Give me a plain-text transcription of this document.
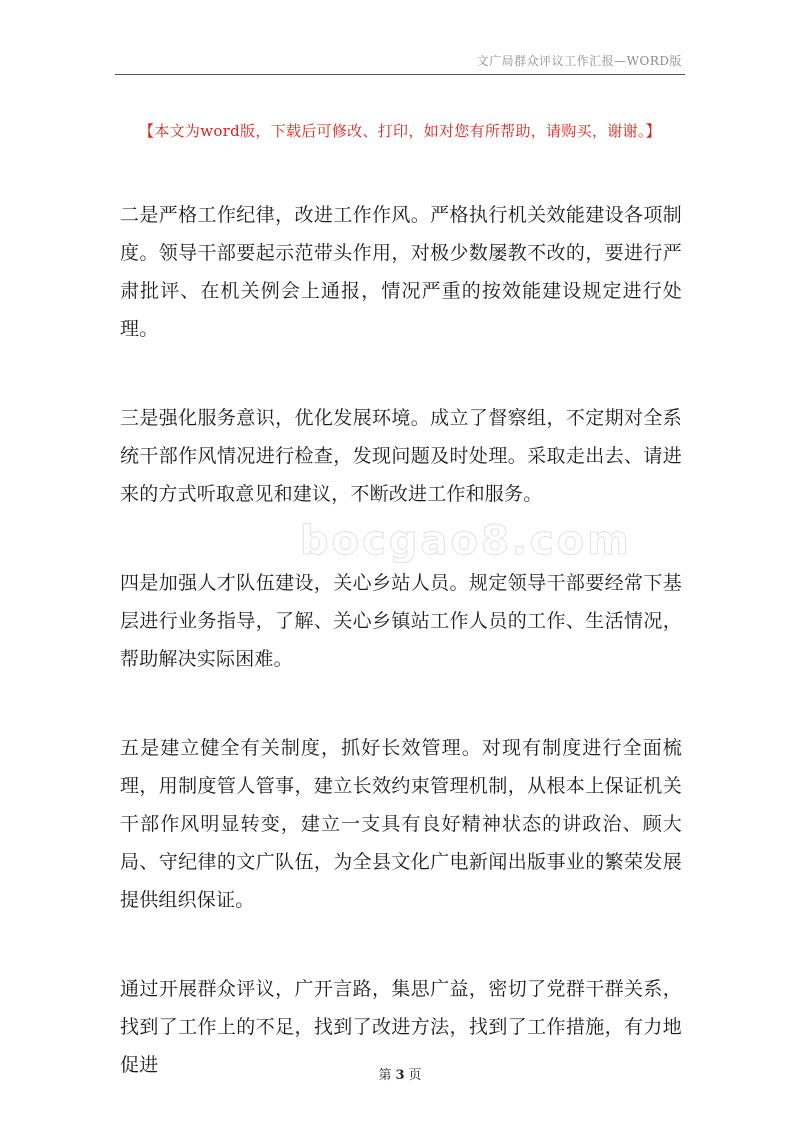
文广局群众评议工作汇报—WORD版
【本文为word版，下载后可修改、打印，如对您有所帮助，请购买，谢谢。】
bocgao8.com

二是严格工作纪律，改进工作作风。严格执行机关效能建设各项制度。领导干部要起示范带头作用，对极少数屡教不改的，要进行严肃批评、在机关例会上通报，情况严重的按效能建设规定进行处理。

三是强化服务意识，优化发展环境。成立了督察组，不定期对全系统干部作风情况进行检查，发现问题及时处理。采取走出去、请进来的方式听取意见和建议，不断改进工作和服务。

四是加强人才队伍建设，关心乡站人员。规定领导干部要经常下基层进行业务指导，了解、关心乡镇站工作人员的工作、生活情况，帮助解决实际困难。

五是建立健全有关制度，抓好长效管理。对现有制度进行全面梳理，用制度管人管事，建立长效约束管理机制，从根本上保证机关干部作风明显转变，建立一支具有良好精神状态的讲政治、顾大局、守纪律的文广队伍，为全县文化广电新闻出版事业的繁荣发展提供组织保证。

通过开展群众评议，广开言路，集思广益，密切了党群干群关系，找到了工作上的不足，找到了改进方法，找到了工作措施，有力地促进	第 3 页
